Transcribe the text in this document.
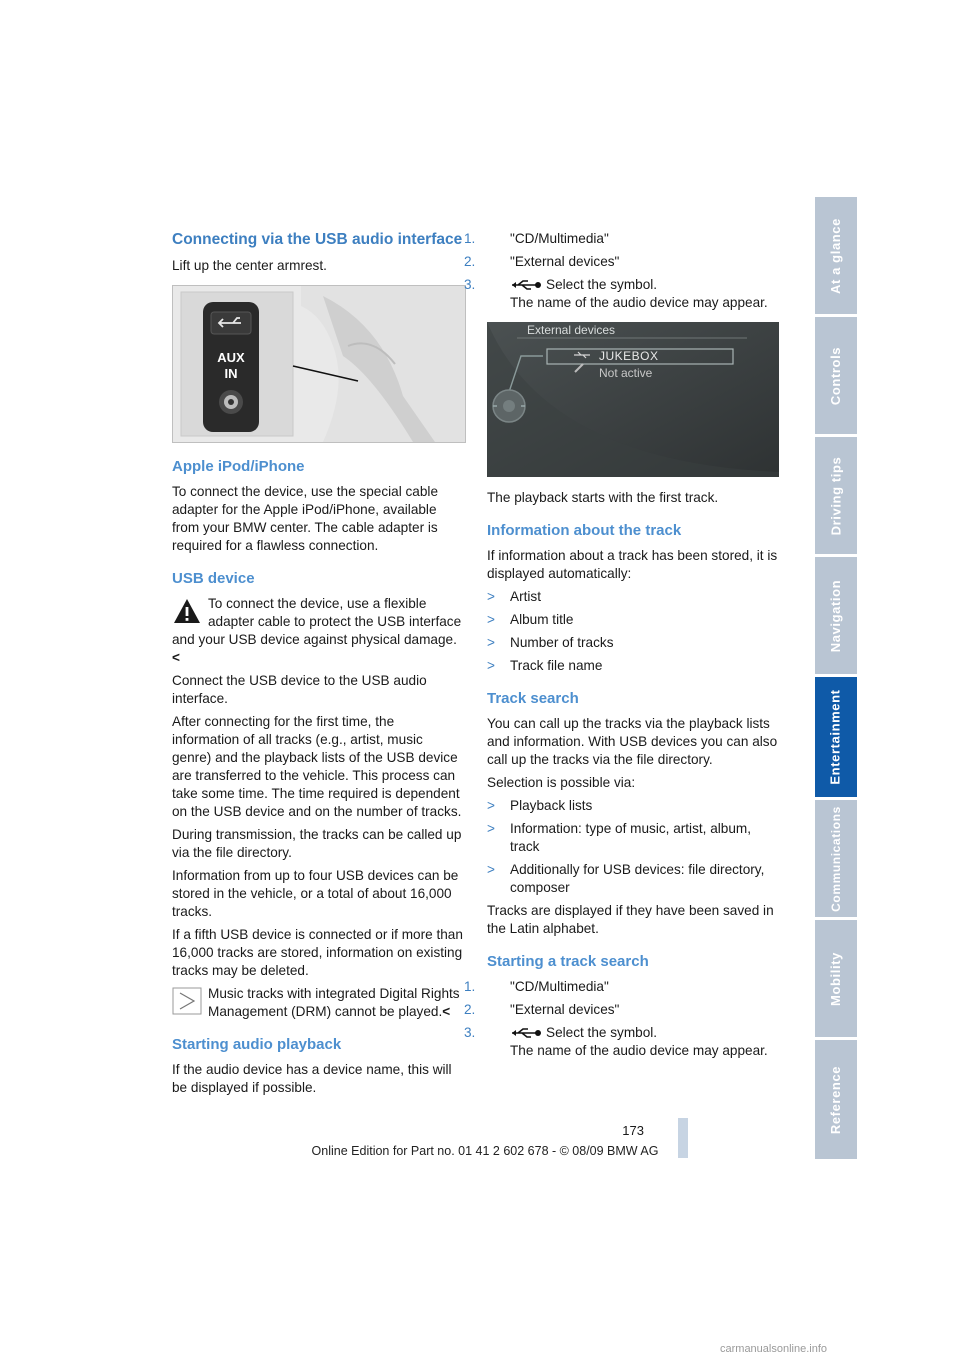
Connecting via the USB audio interface

Lift up the center armrest.

AUX
IN
Apple iPod/iPhone

To connect the device, use the special cable adapter for the Apple iPod/iPhone, available from your BMW center. The cable adapter is required for a flawless connection.

USB device
To connect the device, use a flexible adapter cable to protect the USB interface and your USB device against physical damage.<

Connect the USB device to the USB audio interface.

After connecting for the first time, the information of all tracks (e.g., artist, music genre) and the playback lists of the USB device are transferred to the vehicle. This process can take some time. The time required is dependent on the USB device and on the number of tracks.

During transmission, the tracks can be called up via the file directory.

Information from up to four USB devices can be stored in the vehicle, or a total of about 16,000 tracks.

If a fifth USB device is connected or if more than 16,000 tracks are stored, information on existing tracks may be deleted.

Music tracks with integrated Digital Rights Management (DRM) cannot be played.<
Starting audio playback

If the audio device has a device name, this will be displayed if possible.

1.	"CD/Multimedia"
2.	"External devices"
3.	Select the symbol.
The name of the audio device may appear.
External devices
JUKEBOX
Not active

The playback starts with the first track.

Information about the track

If information about a track has been stored, it is displayed automatically:

> Artist
> Album title
> Number of tracks
> Track file name
Track search

You can call up the tracks via the playback lists and information. With USB devices you can also call up the tracks via the file directory.

Selection is possible via:

> Playback lists
> Information: type of music, artist, album, track
> Additionally for USB devices: file directory, composer

Tracks are displayed if they have been saved in the Latin alphabet.

Starting a track search
1.	"CD/Multimedia"
2.	"External devices"
3.	Select the symbol.
The name of the audio device may appear.
At a glance
Controls
Driving tips
Navigation
Entertainment
Communications
Mobility
Reference
173
Online Edition for Part no. 01 41 2 602 678 - © 08/09 BMW AG
carmanualsonline.info
